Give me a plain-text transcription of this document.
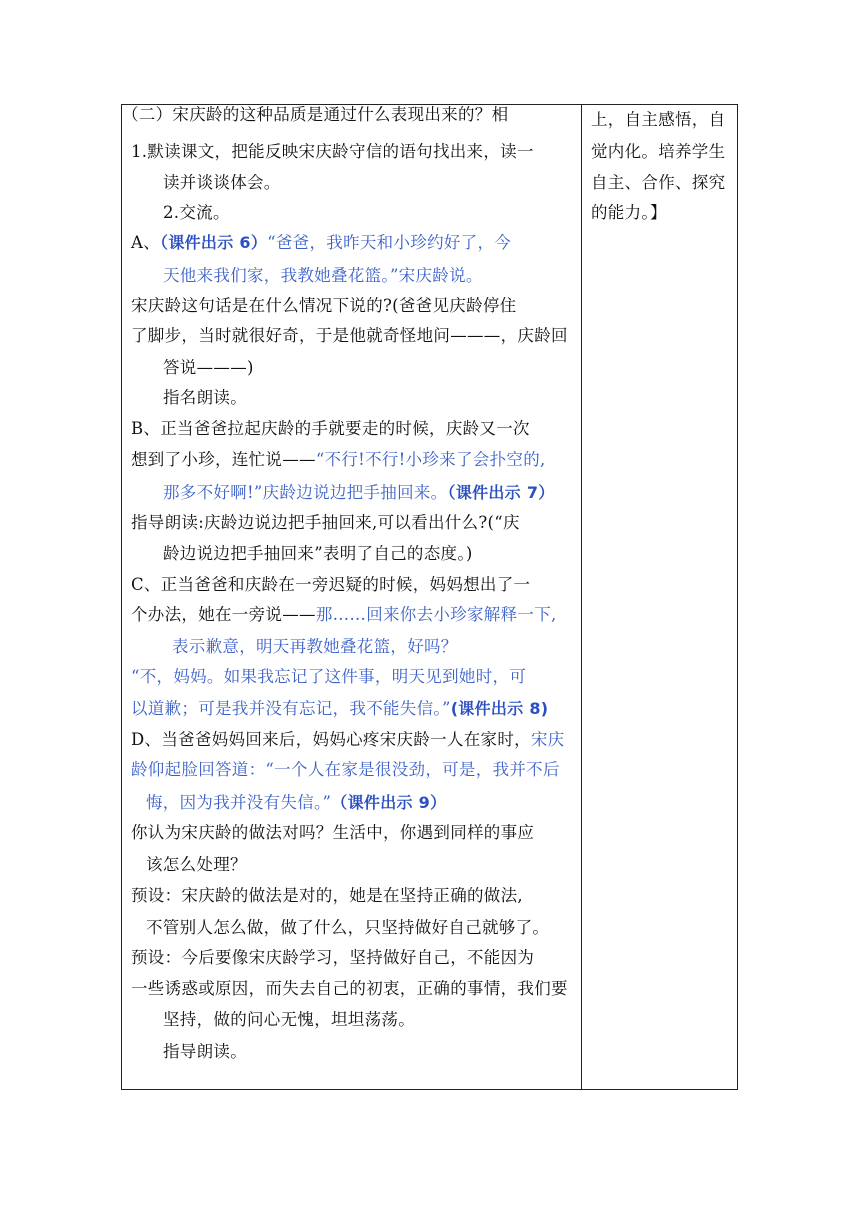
1.默读课文，把能反映宋庆龄守信的语句找出来，读一
读并谈谈体会。
2.交流。
A、（课件出示 6）“爸爸，我昨天和小珍约好了，今
天他来我们家，我教她叠花篮。”宋庆龄说。
宋庆龄这句话是在什么情况下说的?(爸爸见庆龄停住
了脚步，当时就很好奇，于是他就奇怪地问———，庆龄回
答说———)
指名朗读。
B、正当爸爸拉起庆龄的手就要走的时候，庆龄又一次
想到了小珍，连忙说——“不行!不行!小珍来了会扑空的,
那多不好啊!”庆龄边说边把手抽回来。（课件出示 7）
指导朗读:庆龄边说边把手抽回来,可以看出什么?(“庆
龄边说边把手抽回来”表明了自己的态度。)
C、正当爸爸和庆龄在一旁迟疑的时候，妈妈想出了一
个办法，她在一旁说——那……回来你去小珍家解释一下,
表示歉意，明天再教她叠花篮，好吗？
“不，妈妈。如果我忘记了这件事，明天见到她时，可
以道歉；可是我并没有忘记，我不能失信。”(课件出示 8)
D、当爸爸妈妈回来后，妈妈心疼宋庆龄一人在家时，宋庆
龄仰起脸回答道：“一个人在家是很没劲，可是，我并不后
悔，因为我并没有失信。”（课件出示 9）
你认为宋庆龄的做法对吗？生活中，你遇到同样的事应
该怎么处理？
预设：宋庆龄的做法是对的，她是在坚持正确的做法,
不管别人怎么做，做了什么，只坚持做好自己就够了。
预设：今后要像宋庆龄学习，坚持做好自己，不能因为
一些诱惑或原因，而失去自己的初衷，正确的事情，我们要
坚持，做的问心无愧，坦坦荡荡。
指导朗读。
（二）宋庆龄的这种品质是通过什么表现出来的？相	上，自主感悟，自
觉内化。培养学生
自主、合作、探究
的能力。】
